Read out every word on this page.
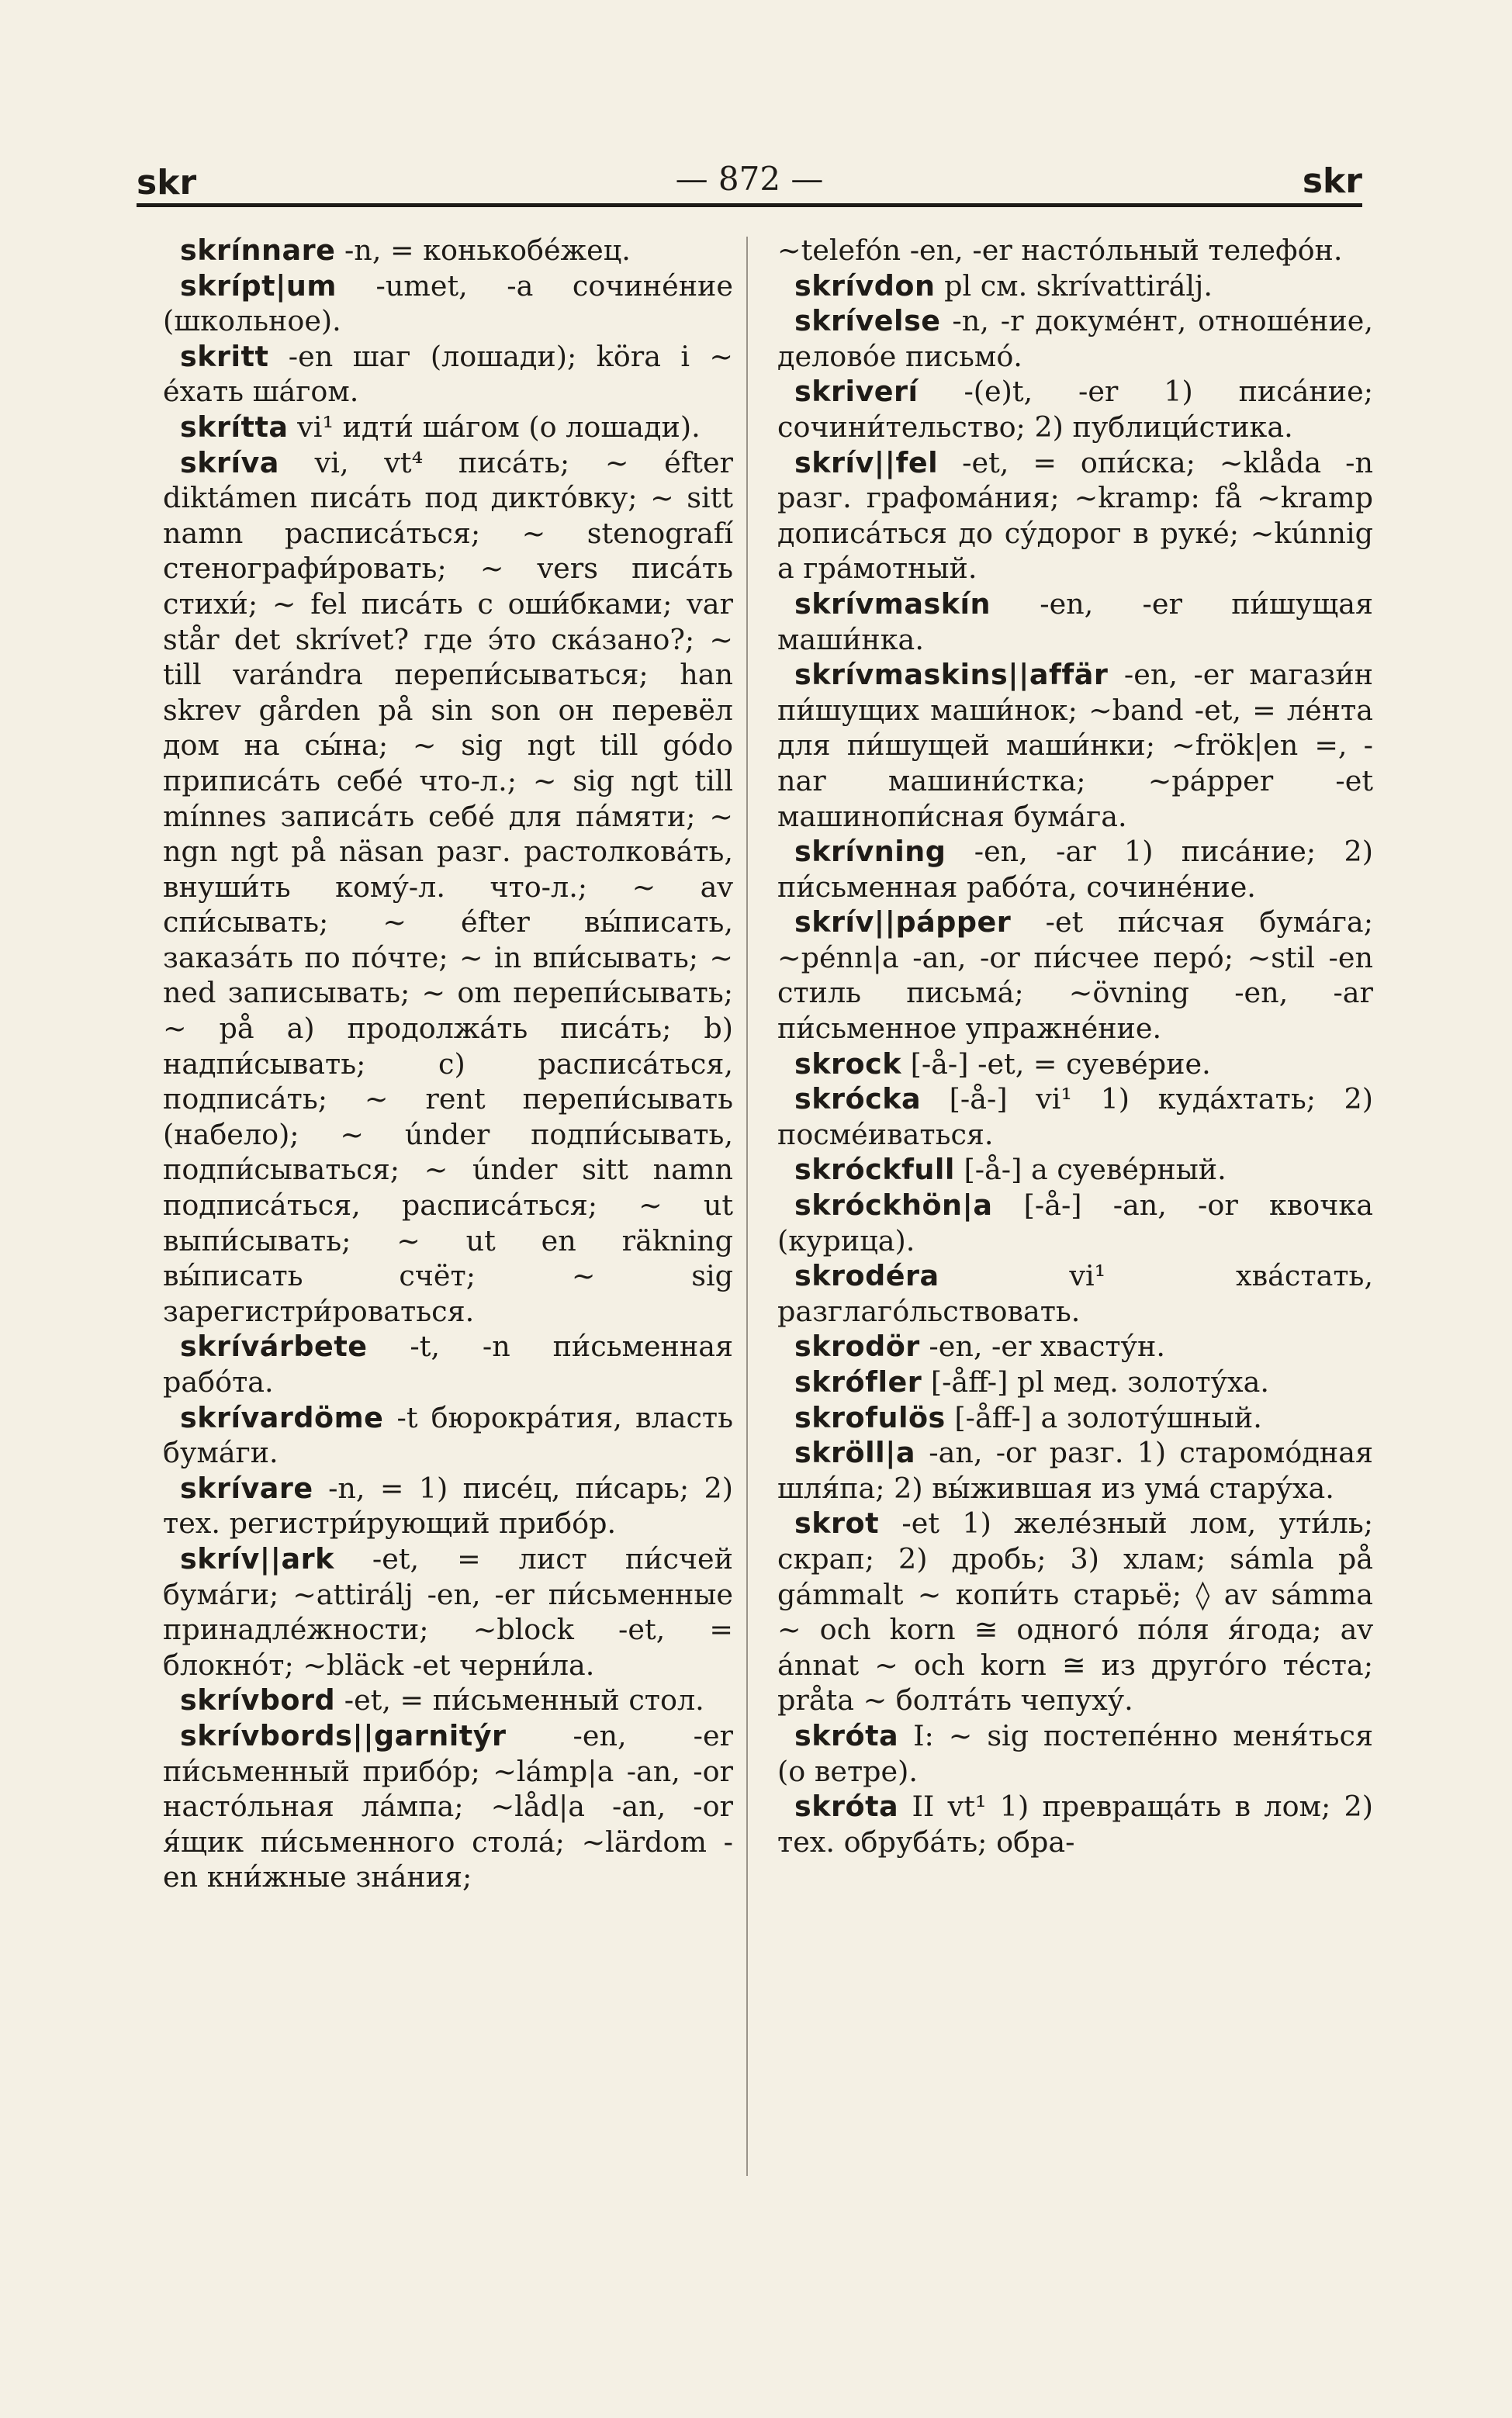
skr	— 872 —	skr

skrínnare -n, = конькобе́жец.

skrípt|um -umet, -a сочине́ние (школьное).

skritt -en шаг (лошади); köra i ~ е́хать ша́гом.

skrítta vi¹ идти́ ша́гом (о лошади).

skríva vi, vt⁴ писа́ть; ~ éfter diktámen писа́ть под дикто́вку; ~ sitt namn расписа́ться; ~ stenografí стенографи́ровать; ~ vers писа́ть стихи́; ~ fel писа́ть с оши́бками; var står det skrívet? где э́то ска́зано?; ~ till varándra перепи́сываться; han skrev gården på sin son он перевёл дом на сы́на; ~ sig ngt till gódo приписа́ть себе́ что-л.; ~ sig ngt till mínnes записа́ть себе́ для па́мяти; ~ ngn ngt på näsan разг. растолкова́ть, внуши́ть кому́-л. что-л.; ~ av спи́сывать; ~ éfter вы́писать, заказа́ть по по́чте; ~ in впи́сывать; ~ ned записывать; ~ om перепи́сывать; ~ på а) продолжа́ть писа́ть; b) надпи́сывать; с) расписа́ться, подписа́ть; ~ rent перепи́сывать (набело); ~ únder подпи́сывать, подпи́сываться; ~ únder sitt namn подписа́ться, расписа́ться; ~ ut выпи́сывать; ~ ut en räkning вы́писать счёт; ~ sig зарегистри́роваться.

skrívárbete -t, -n пи́сьменная рабо́та.

skrívardöme -t бюрокра́тия, власть бума́ги.

skrívare -n, = 1) писе́ц, пи́сарь; 2) тех. регистри́рующий прибо́р.

skrív||ark -et, = лист пи́счей бума́ги; ~attirálj -en, -er пи́сьменные принадле́жности; ~block -et, = блокно́т; ~bläck -et черни́ла.

skrívbord -et, = пи́сьменный стол.

skrívbords||garnitýr -en, -er пи́сьменный прибо́р; ~lámp|a -an, -or насто́льная ла́мпа; ~låd|a -an, -or я́щик пи́сьменного стола́; ~lärdom -en кни́жные зна́ния;

~telefón -en, -er насто́льный телефо́н.

skrívdon pl см. skrívattirálj.

skrívelse -n, -r докуме́нт, отноше́ние, делово́е письмо́.

skriverí -(e)t, -er 1) писа́ние; сочини́тельство; 2) публици́стика.

skrív||fel -et, = опи́ска; ~klåda -n разг. графома́ния; ~kramp: få ~kramp дописа́ться до су́дорог в руке́; ~kúnnig а гра́мотный.

skrívmaskín -en, -er пи́шущая маши́нка.

skrívmaskins||affär -en, -er магази́н пи́шущих маши́нок; ~band -et, = ле́нта для пи́шущей маши́нки; ~frök|en =, -nar машини́стка; ~pápper -et машинопи́сная бума́га.

skrívning -en, -ar 1) писа́ние; 2) пи́сьменная рабо́та, сочине́ние.

skrív||pápper -et пи́счая бума́га; ~pénn|a -an, -or пи́счее перо́; ~stil -en стиль письма́; ~övning -en, -ar пи́сьменное упражне́ние.

skrock [-å-] -et, = суеве́рие.

skrócka [-å-] vi¹ 1) куда́хтать; 2) посме́иваться.

skróckfull [-å-] а суеве́рный.

skróckhön|a [-å-] -an, -or квочка (курица).

skrodéra vi¹ хва́стать, разглаго́льствовать.

skrodör -en, -er хвасту́н.

skrófler [-åff-] pl мед. золоту́ха.

skrofulös [-åff-] а золоту́шный.

skröll|a -an, -or разг. 1) старомо́дная шля́па; 2) вы́жившая из ума́ стару́ха.

skrot -et 1) желе́зный лом, ути́ль; скрап; 2) дробь; 3) хлам; sámla på gámmalt ~ копи́ть старьё; ◊ av sámma ~ och korn ≅ одного́ по́ля я́года; av ánnat ~ och korn ≅ из друго́го те́ста; pråta ~ болта́ть чепуху́.

skróta I: ~ sig постепе́нно меня́ться (о ветре).

skróta II vt¹ 1) превраща́ть в лом; 2) тех. обруба́ть; обра-
